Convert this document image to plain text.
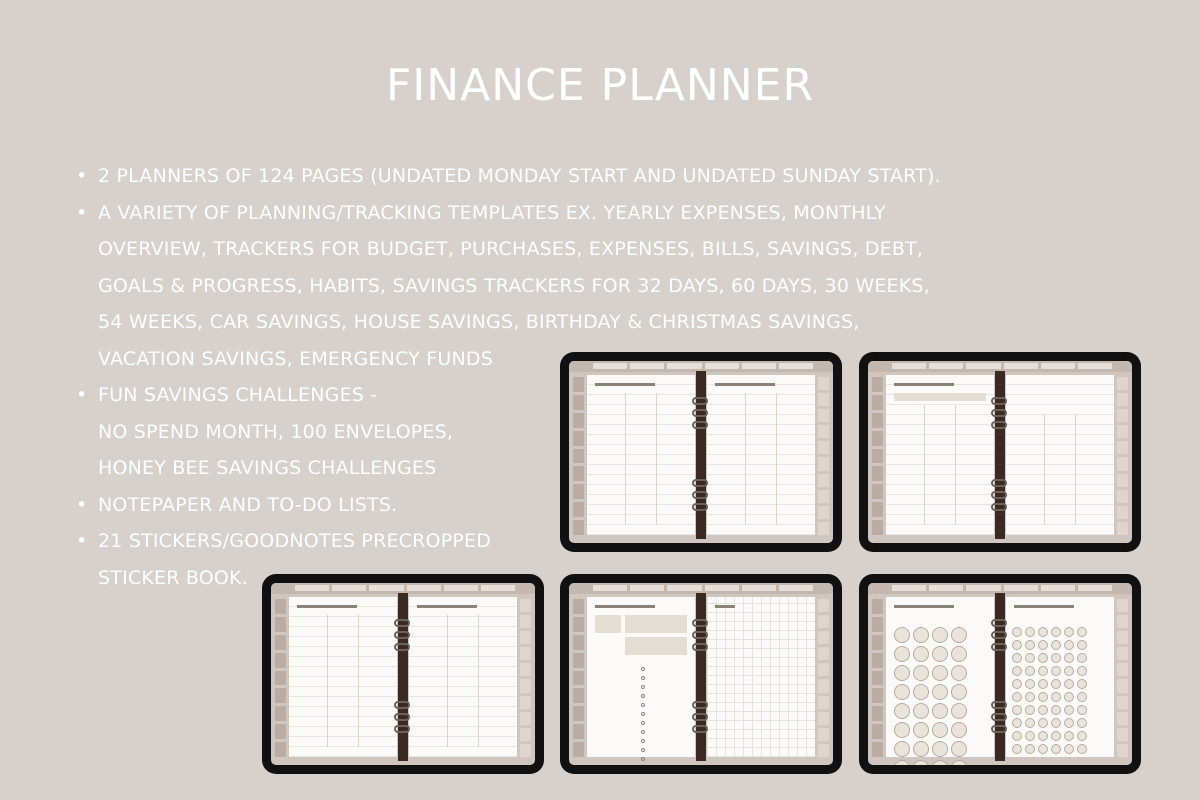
FINANCE PLANNER
• 2 PLANNERS OF 124 PAGES (UNDATED MONDAY START AND UNDATED SUNDAY START).
• A VARIETY OF PLANNING/TRACKING TEMPLATES EX. YEARLY EXPENSES, MONTHLY
OVERVIEW, TRACKERS FOR BUDGET, PURCHASES, EXPENSES, BILLS, SAVINGS, DEBT,
GOALS & PROGRESS, HABITS, SAVINGS TRACKERS FOR 32 DAYS, 60 DAYS, 30 WEEKS,
54 WEEKS, CAR SAVINGS, HOUSE SAVINGS, BIRTHDAY & CHRISTMAS SAVINGS,
VACATION SAVINGS, EMERGENCY FUNDS
• FUN SAVINGS CHALLENGES -
NO SPEND MONTH, 100 ENVELOPES,
HONEY BEE SAVINGS CHALLENGES
• NOTEPAPER AND TO-DO LISTS.
• 21 STICKERS/GOODNOTES PRECROPPED
STICKER BOOK.
